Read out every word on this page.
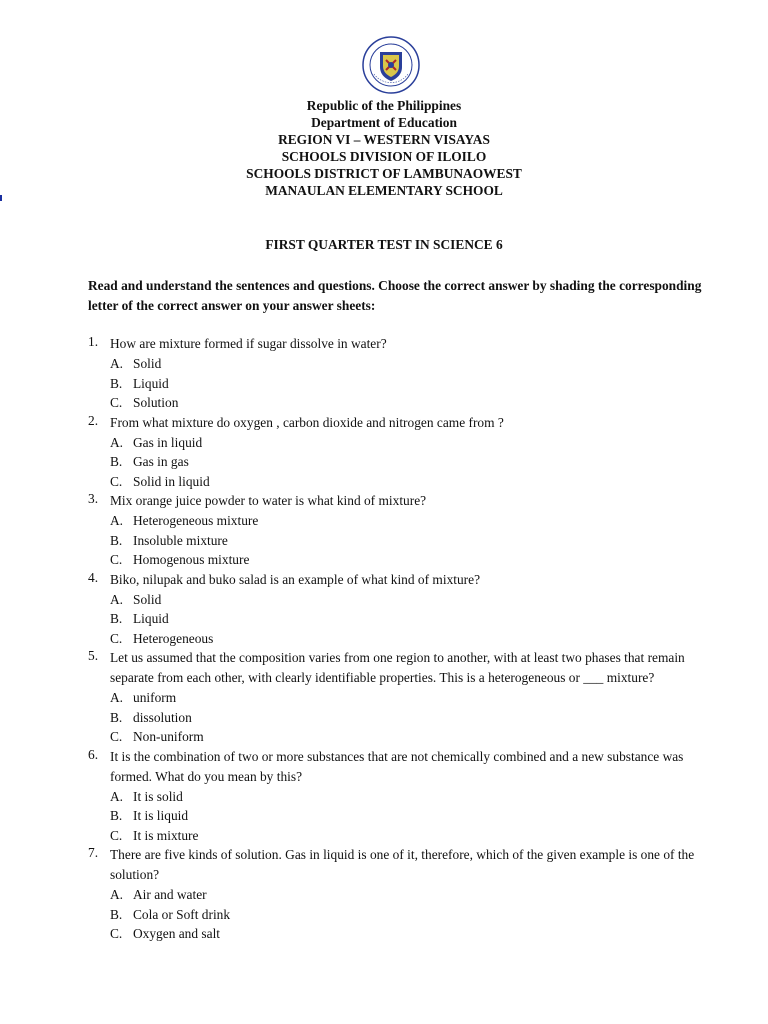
Republic of the Philippines
Department of Education
REGION VI – WESTERN VISAYAS
SCHOOLS DIVISION OF ILOILO
SCHOOLS DISTRICT OF LAMBUNAOWEST
MANAULAN ELEMENTARY SCHOOL
FIRST QUARTER TEST IN SCIENCE 6
Read and understand the sentences and questions. Choose the correct answer by shading the corresponding letter of the correct answer on your answer sheets:
1. How are mixture formed if sugar dissolve in water?
A. Solid
B. Liquid
C. Solution
2. From what mixture do oxygen , carbon dioxide and nitrogen came from ?
A. Gas in liquid
B. Gas in gas
C. Solid in liquid
3. Mix orange juice powder to water is what kind of mixture?
A. Heterogeneous mixture
B. Insoluble mixture
C. Homogenous mixture
4. Biko, nilupak and buko salad is an example of what kind of mixture?
A. Solid
B. Liquid
C. Heterogeneous
5. Let us assumed that the composition varies from one region to another, with at least two phases that remain separate from each other, with clearly identifiable properties. This is a heterogeneous or ___ mixture?
A. uniform
B. dissolution
C. Non-uniform
6. It is the combination of two or more substances that are not chemically combined and a new substance was formed. What do you mean by this?
A. It is solid
B. It is liquid
C. It is mixture
7. There are five kinds of solution. Gas in liquid is one of it, therefore, which of the given example is one of the solution?
A. Air and water
B. Cola or Soft drink
C. Oxygen and salt
